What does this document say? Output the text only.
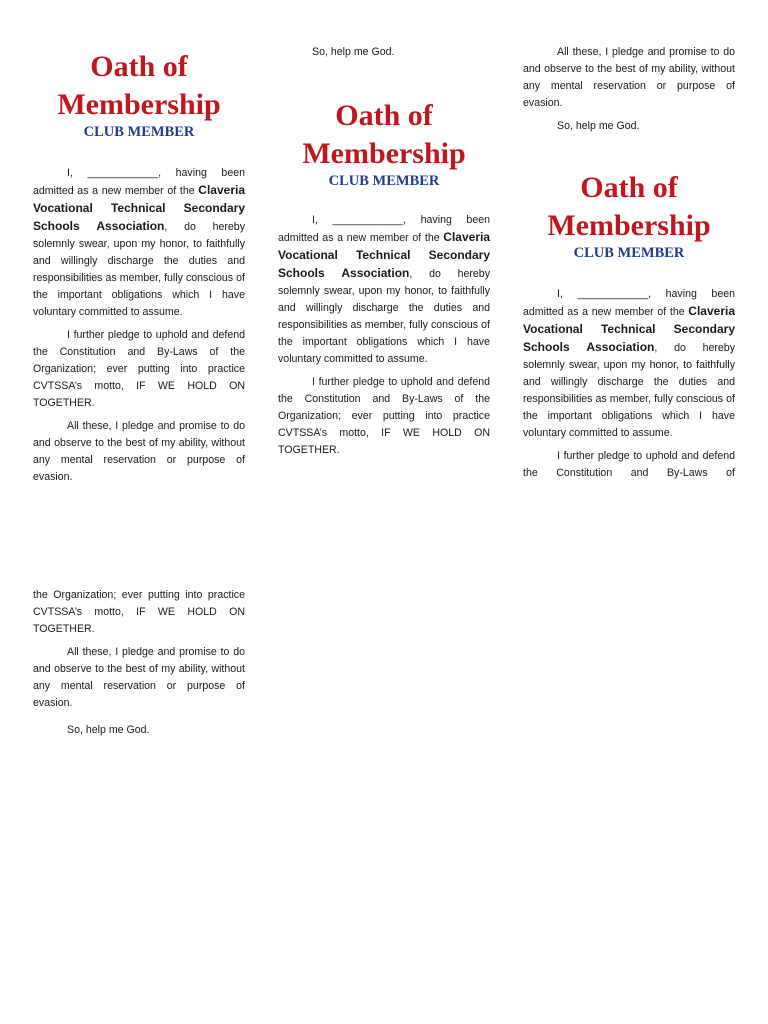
Oath of
Membership

CLUB MEMBER

I, ____________, having been admitted as a new member of the Claveria Vocational Technical Secondary Schools Association, do hereby solemnly swear, upon my honor, to faithfully and willingly discharge the duties and responsibilities as member, fully conscious of the important obligations which I have voluntary committed to assume.

I further pledge to uphold and defend the Constitution and By-Laws of the Organization; ever putting into practice CVTSSA’s motto, IF WE HOLD ON TOGETHER.

All these, I pledge and promise to do and observe to the best of my ability, without any mental reservation or purpose of evasion.

the Organization; ever putting into practice CVTSSA’s motto, IF WE HOLD ON TOGETHER.

All these, I pledge and promise to do and observe to the best of my ability, without any mental reservation or purpose of evasion.

So, help me God.

So, help me God.

Oath of
Membership

CLUB MEMBER

I, ____________, having been admitted as a new member of the Claveria Vocational Technical Secondary Schools Association, do hereby solemnly swear, upon my honor, to faithfully and willingly discharge the duties and responsibilities as member, fully conscious of the important obligations which I have voluntary committed to assume.

I further pledge to uphold and defend the Constitution and By-Laws of the Organization; ever putting into practice CVTSSA’s motto, IF WE HOLD ON TOGETHER.

All these, I pledge and promise to do and observe to the best of my ability, without any mental reservation or purpose of evasion.

So, help me God.

Oath of
Membership

CLUB MEMBER

I, ____________, having been admitted as a new member of the Claveria Vocational Technical Secondary Schools Association, do hereby solemnly swear, upon my honor, to faithfully and willingly discharge the duties and responsibilities as member, fully conscious of the important obligations which I have voluntary committed to assume.

I further pledge to uphold and defend the Constitution and By-Laws of
